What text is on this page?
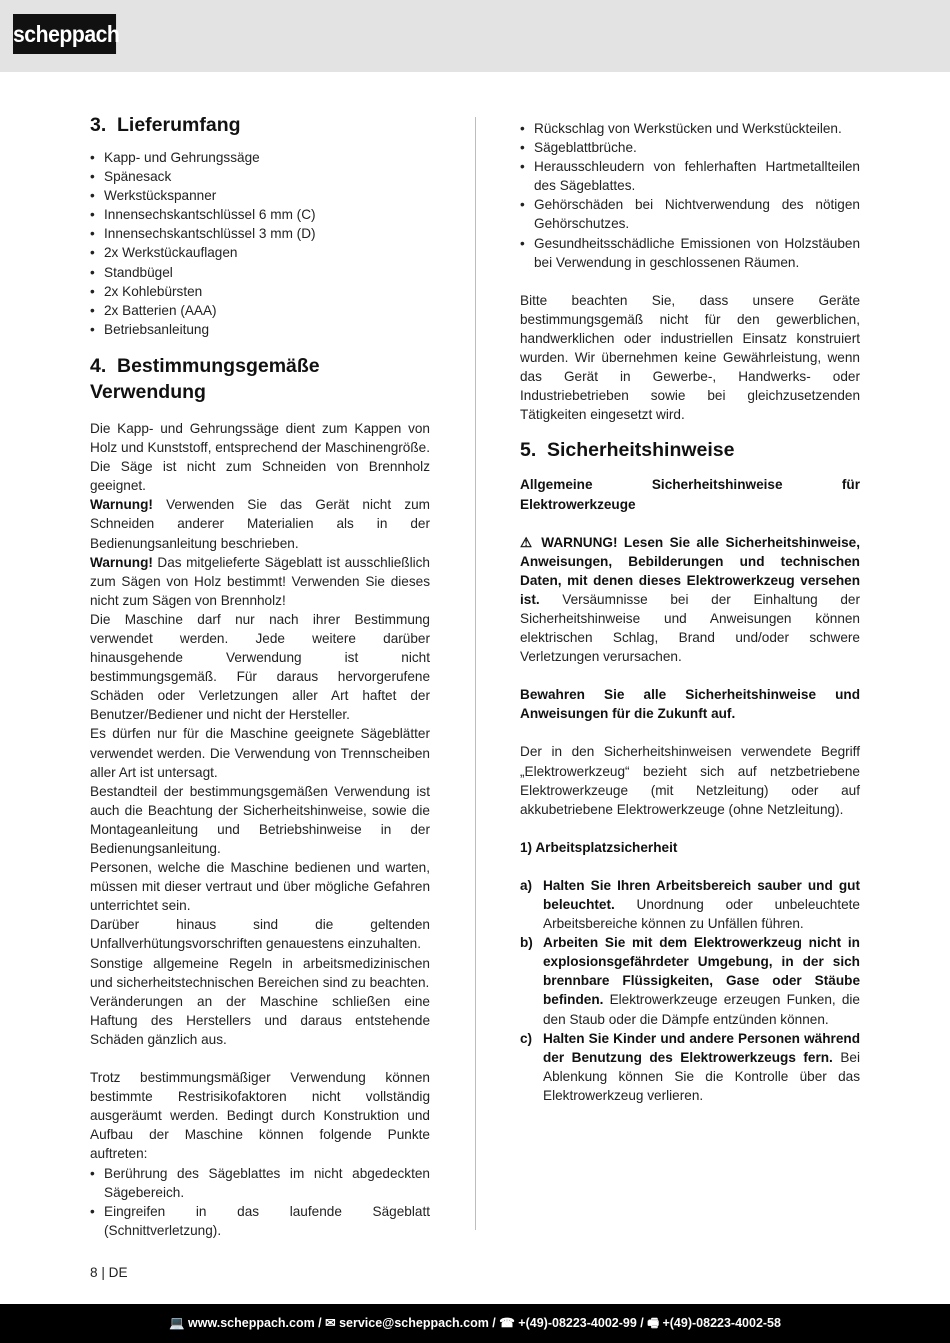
scheppach
3. Lieferumfang
• Kapp- und Gehrungssäge
• Spänesack
• Werkstückspanner
• Innensechskantschlüssel 6 mm (C)
• Innensechskantschlüssel 3 mm (D)
• 2x Werkstückauflagen
• Standbügel
• 2x Kohlebürsten
• 2x Batterien (AAA)
• Betriebsanleitung
4. Bestimmungsgemäße Verwendung

Die Kapp- und Gehrungssäge dient zum Kappen von Holz und Kunststoff, entsprechend der Maschinengröße. Die Säge ist nicht zum Schneiden von Brennholz geeignet.

Warnung! Verwenden Sie das Gerät nicht zum Schneiden anderer Materialien als in der Bedienungsanleitung beschrieben.

Warnung! Das mitgelieferte Sägeblatt ist ausschließlich zum Sägen von Holz bestimmt! Verwenden Sie dieses nicht zum Sägen von Brennholz!

Die Maschine darf nur nach ihrer Bestimmung verwendet werden. Jede weitere darüber hinausgehende Verwendung ist nicht bestimmungsgemäß. Für daraus hervorgerufene Schäden oder Verletzungen aller Art haftet der Benutzer/Bediener und nicht der Hersteller.

Es dürfen nur für die Maschine geeignete Sägeblätter verwendet werden. Die Verwendung von Trennscheiben aller Art ist untersagt.

Bestandteil der bestimmungsgemäßen Verwendung ist auch die Beachtung der Sicherheitshinweise, sowie die Montageanleitung und Betriebshinweise in der Bedienungsanleitung.

Personen, welche die Maschine bedienen und warten, müssen mit dieser vertraut und über mögliche Gefahren unterrichtet sein.

Darüber hinaus sind die geltenden Unfallverhütungsvorschriften genauestens einzuhalten.

Sonstige allgemeine Regeln in arbeitsmedizinischen und sicherheitstechnischen Bereichen sind zu beachten.

Veränderungen an der Maschine schließen eine Haftung des Herstellers und daraus entstehende Schäden gänzlich aus.

Trotz bestimmungsmäßiger Verwendung können bestimmte Restrisikofaktoren nicht vollständig ausgeräumt werden. Bedingt durch Konstruktion und Aufbau der Maschine können folgende Punkte auftreten:

• Berührung des Sägeblattes im nicht abgedeckten Sägebereich.
• Eingreifen in das laufende Sägeblatt (Schnittverletzung).
• Rückschlag von Werkstücken und Werkstückteilen.
• Sägeblattbrüche.
• Herausschleudern von fehlerhaften Hartmetallteilen des Sägeblattes.
• Gehörschäden bei Nichtverwendung des nötigen Gehörschutzes.
• Gesundheitsschädliche Emissionen von Holzstäuben bei Verwendung in geschlossenen Räumen.

Bitte beachten Sie, dass unsere Geräte bestimmungsgemäß nicht für den gewerblichen, handwerklichen oder industriellen Einsatz konstruiert wurden. Wir übernehmen keine Gewährleistung, wenn das Gerät in Gewerbe-, Handwerks- oder Industriebetrieben sowie bei gleichzusetzenden Tätigkeiten eingesetzt wird.

5. Sicherheitshinweise

Allgemeine Sicherheitshinweise für Elektrowerkzeuge

⚠ WARNUNG! Lesen Sie alle Sicherheitshinweise, Anweisungen, Bebilderungen und technischen Daten, mit denen dieses Elektrowerkzeug versehen ist. Versäumnisse bei der Einhaltung der Sicherheitshinweise und Anweisungen können elektrischen Schlag, Brand und/oder schwere Verletzungen verursachen.

Bewahren Sie alle Sicherheitshinweise und Anweisungen für die Zukunft auf.

Der in den Sicherheitshinweisen verwendete Begriff „Elektrowerkzeug“ bezieht sich auf netzbetriebene Elektrowerkzeuge (mit Netzleitung) oder auf akkubetriebene Elektrowerkzeuge (ohne Netzleitung).

1) Arbeitsplatzsicherheit

a) Halten Sie Ihren Arbeitsbereich sauber und gut beleuchtet. Unordnung oder unbeleuchtete Arbeitsbereiche können zu Unfällen führen.
b) Arbeiten Sie mit dem Elektrowerkzeug nicht in explosionsgefährdeter Umgebung, in der sich brennbare Flüssigkeiten, Gase oder Stäube befinden. Elektrowerkzeuge erzeugen Funken, die den Staub oder die Dämpfe entzünden können.
c) Halten Sie Kinder und andere Personen während der Benutzung des Elektrowerkzeugs fern. Bei Ablenkung können Sie die Kontrolle über das Elektrowerkzeug verlieren.
8 | DE
💻 www.scheppach.com / ✉ service@scheppach.com / ☎ +(49)-08223-4002-99 / 🖷 +(49)-08223-4002-58
